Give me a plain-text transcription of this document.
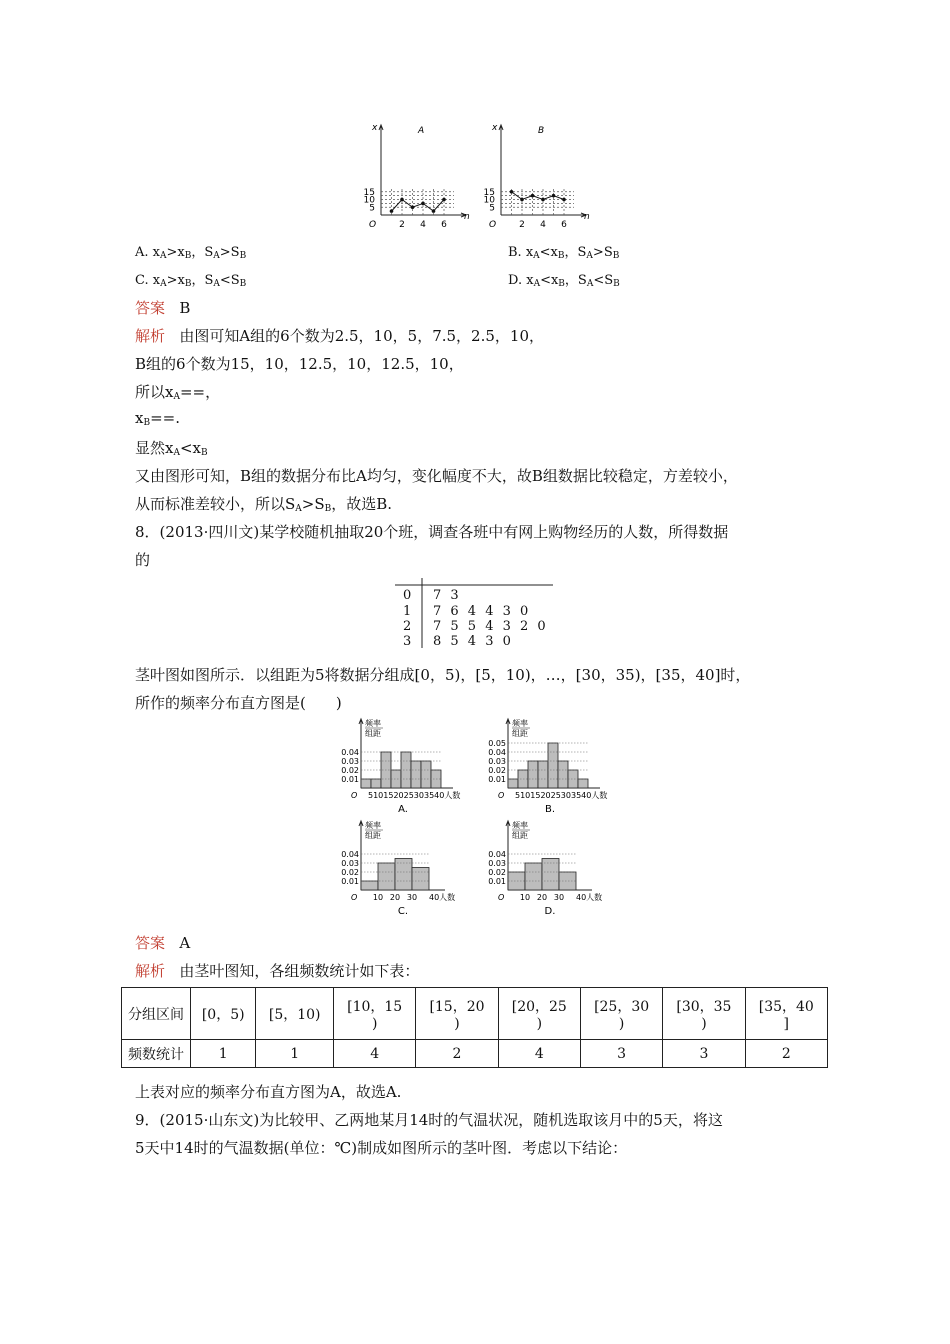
x
n
A
O
5
10
15
2 4 6
x
n
B
O
5
10
15
2 4 6
A. $x_A>x_B$，$S_A>S_B$	B. $x_A<x_B$，$S_A>S_B$
C. $x_A>x_B$，$S_A<S_B$	D. $x_A<x_B$，$S_A<S_B$
答案 B
解析 由图可知A组的6个数为2.5，10，5，7.5，2.5，10，
B组的6个数为15，10，12.5，10，12.5，10，
所以$x_A==$，
$x_B==$.
显然$x_A<x_B$
又由图形可知，B组的数据分布比A均匀，变化幅度不大，故B组数据比较稳定，方差较小，
从而标准差较小，所以$S_A>S_B$，故选B.
8．(2013·四川文)某学校随机抽取20个班，调查各班中有网上购物经历的人数，所得数据
的
0 7 3
1 7 6 4 4 3 0
2 7 5 5 4 3 2 0
3 8 5 4 3 0
茎叶图如图所示．以组距为5将数据分组成[0，5)，[5，10)，…，[30，35)，[35，40]时，
所作的频率分布直方图是(　　)
频率
组距
O
0.04
0.03
0.02
0.01
510152025303540人数
A.
频率
组距
O
0.05
0.04
0.03
0.02
0.01
510152025303540人数
B.
频率
组距
O
0.04
0.03
0.02
0.01
10 20 30 40人数
C.
频率
组距
O
0.04
0.03
0.02
0.01
10 20 30 40人数
D.
答案 A
解析 由茎叶图知，各组频数统计如下表：
分组区间	[0，5)	[5，10)	[10，15
)	[15，20
)	[20，25
)	[25，30
)	[30，35
)	[35，40
]
频数统计	1	1	4	2	4	3	3	2
上表对应的频率分布直方图为A，故选A.
9．(2015·山东文)为比较甲、乙两地某月14时的气温状况，随机选取该月中的5天，将这
5天中14时的气温数据(单位：℃)制成如图所示的茎叶图．考虑以下结论：
